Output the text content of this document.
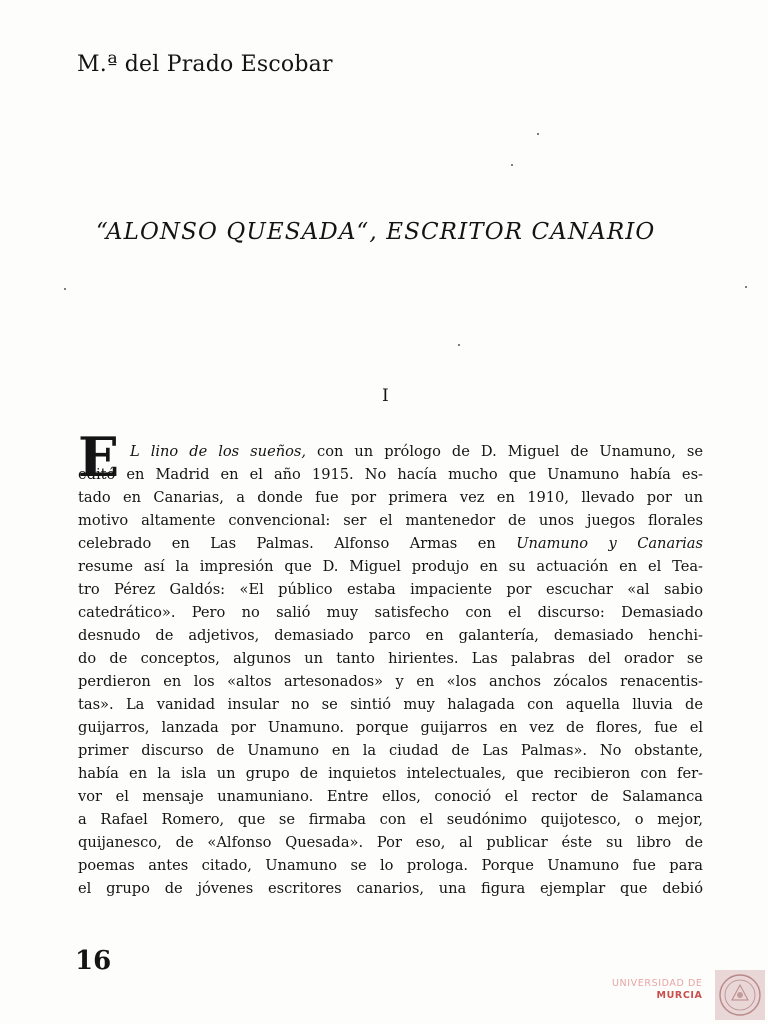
M.ª del Prado Escobar
“ALONSO QUESADA“, ESCRITOR CANARIO
I
E L lino de los sueños, con un prólogo de D. Miguel de Unamuno, se
editó en Madrid en el año 1915. No hacía mucho que Unamuno había es-
tado en Canarias, a donde fue por primera vez en 1910, llevado por un
motivo altamente convencional: ser el mantenedor de unos juegos florales
celebrado en Las Palmas. Alfonso Armas en Unamuno y Canarias
resume así la impresión que D. Miguel produjo en su actuación en el Tea-
tro Pérez Galdós: «El público estaba impaciente por escuchar «al sabio
catedrático». Pero no salió muy satisfecho con el discurso: Demasiado
desnudo de adjetivos, demasiado parco en galantería, demasiado henchi-
do de conceptos, algunos un tanto hirientes. Las palabras del orador se
perdieron en los «altos artesonados» y en «los anchos zócalos renacentis-
tas». La vanidad insular no se sintió muy halagada con aquella lluvia de
guijarros, lanzada por Unamuno. porque guijarros en vez de flores, fue el
primer discurso de Unamuno en la ciudad de Las Palmas». No obstante,
había en la isla un grupo de inquietos intelectuales, que recibieron con fer-
vor el mensaje unamuniano. Entre ellos, conoció el rector de Salamanca
a Rafael Romero, que se firmaba con el seudónimo quijotesco, o mejor,
quijanesco, de «Alfonso Quesada». Por eso, al publicar éste su libro de
poemas antes citado, Unamuno se lo prologa. Porque Unamuno fue para
el grupo de jóvenes escritores canarios, una figura ejemplar que debió
16
UNIVERSIDAD DE
MURCIA
